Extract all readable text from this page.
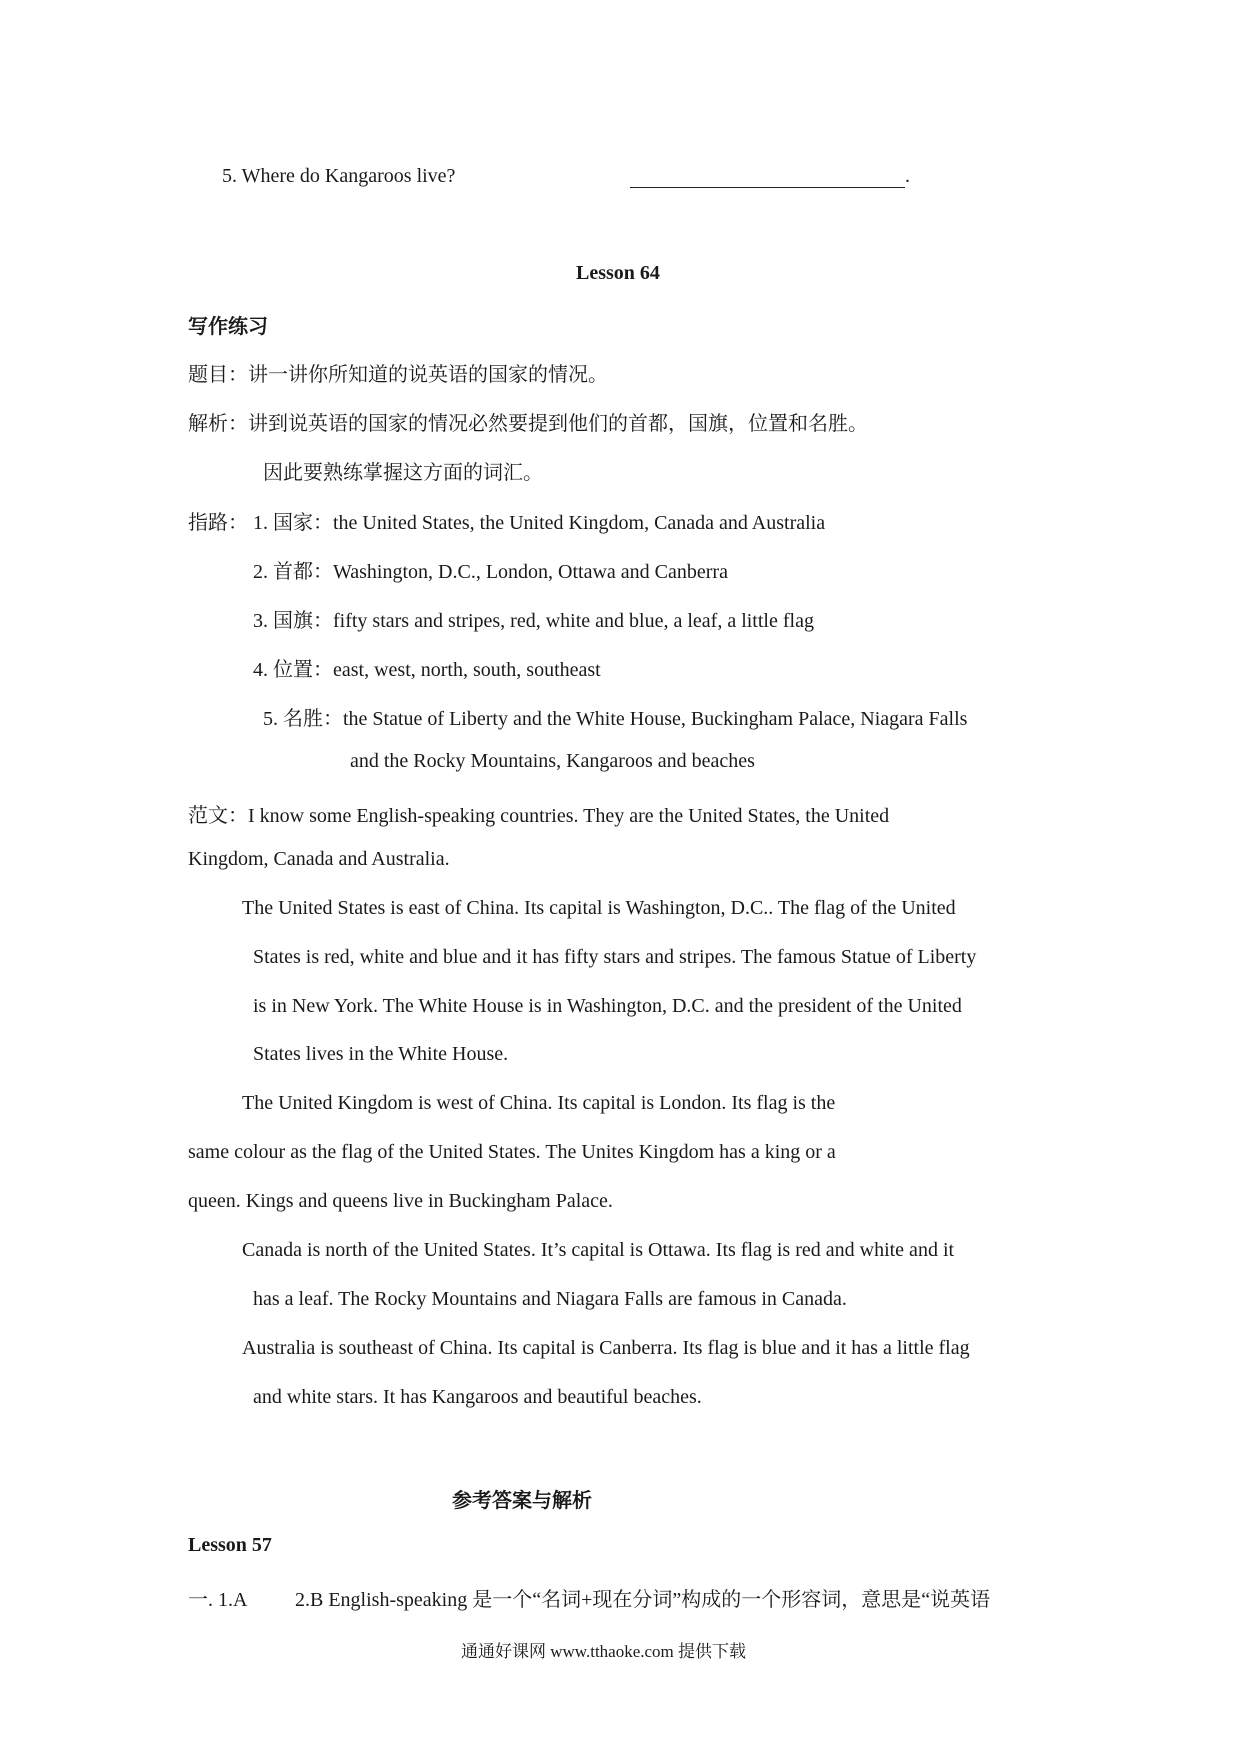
5. Where do Kangaroos live?	.
Lesson 64
写作练习
题目：讲一讲你所知道的说英语的国家的情况。
解析：讲到说英语的国家的情况必然要提到他们的首都，国旗，位置和名胜。
因此要熟练掌握这方面的词汇。
指路： 1. 国家：the United States, the United Kingdom, Canada and Australia
2. 首都：Washington, D.C., London, Ottawa and Canberra
3. 国旗：fifty stars and stripes, red, white and blue, a leaf, a little flag
4. 位置：east, west, north, south, southeast
5. 名胜：the Statue of Liberty and the White House, Buckingham Palace, Niagara Falls
and the Rocky Mountains, Kangaroos and beaches
范文：I know some English-speaking countries. They are the United States, the United
Kingdom, Canada and Australia.
The United States is east of China. Its capital is Washington, D.C.. The flag of the United
States is red, white and blue and it has fifty stars and stripes. The famous Statue of Liberty
is in New York. The White House is in Washington, D.C. and the president of the United
States lives in the White House.
The United Kingdom is west of China. Its capital is London. Its flag is the
same colour as the flag of the United States. The Unites Kingdom has a king or a
queen. Kings and queens live in Buckingham Palace.
Canada is north of the United States. It’s capital is Ottawa. Its flag is red and white and it
has a leaf. The Rocky Mountains and Niagara Falls are famous in Canada.
Australia is southeast of China. Its capital is Canberra. Its flag is blue and it has a little flag
and white stars. It has Kangaroos and beautiful beaches.
参考答案与解析
Lesson 57
一. 1.A 2.B English-speaking 是一个“名词+现在分词”构成的一个形容词，意思是“说英语
通通好课网 www.tthaoke.com 提供下载
